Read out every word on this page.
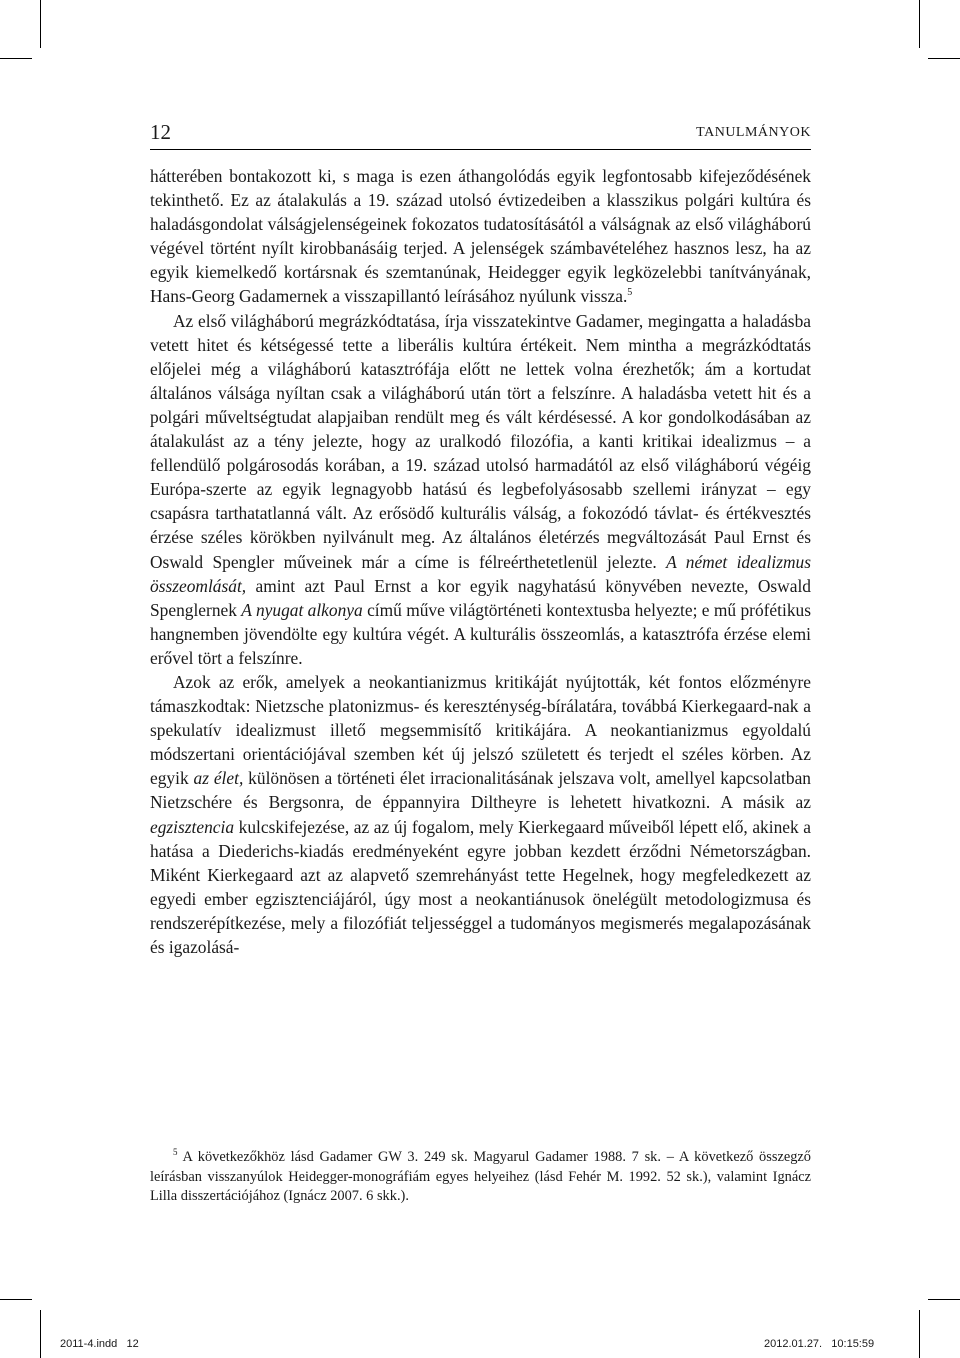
12	TANULMÁNYOK

hátterében bontakozott ki, s maga is ezen áthangolódás egyik legfontosabb kifejeződésének tekinthető. Ez az átalakulás a 19. század utolsó évtizedeiben a klasszikus polgári kultúra és haladásgondolat válságjelenségeinek fokozatos tudatosításától a válságnak az első világháború végével történt nyílt kirobbanásáig terjed. A jelenségek számbavételéhez hasznos lesz, ha az egyik kiemelkedő kortársnak és szemtanúnak, Heidegger egyik legközelebbi tanítványának, Hans-Georg Gadamernek a visszapillantó leírásához nyúlunk vissza.$^5$

Az első világháború megrázkódtatása, írja visszatekintve Gadamer, megingatta a haladásba vetett hitet és kétségessé tette a liberális kultúra értékeit. Nem mintha a megrázkódtatás előjelei még a világháború katasztrófája előtt ne lettek volna érezhetők; ám a kortudat általános válsága nyíltan csak a világháború után tört a felszínre. A haladásba vetett hit és a polgári műveltségtudat alapjaiban rendült meg és vált kérdésessé. A kor gondolkodásában az átalakulást az a tény jelezte, hogy az uralkodó filozófia, a kanti kritikai idealizmus – a fellendülő polgárosodás korában, a 19. század utolsó harmadától az első világháború végéig Európa-szerte az egyik legnagyobb hatású és legbefolyásosabb szellemi irányzat – egy csapásra tarthatatlanná vált. Az erősödő kulturális válság, a fokozódó távlat- és értékvesztés érzése széles körökben nyilvánult meg. Az általános életérzés megváltozását Paul Ernst és Oswald Spengler műveinek már a címe is félreérthetetlenül jelezte. A német idealizmus összeomlását, amint azt Paul Ernst a kor egyik nagyhatású könyvében nevezte, Oswald Spenglernek A nyugat alkonya című műve világtörténeti kontextusba helyezte; e mű prófétikus hangnemben jövendölte egy kultúra végét. A kulturális összeomlás, a katasztrófa érzése elemi erővel tört a felszínre.

Azok az erők, amelyek a neokantianizmus kritikáját nyújtották, két fontos előzményre támaszkodtak: Nietzsche platonizmus- és kereszténység-bírálatára, továbbá Kierkegaard-nak a spekulatív idealizmust illető megsemmisítő kritikájára. A neokantianizmus egyoldalú módszertani orientációjával szemben két új jelszó született és terjedt el széles körben. Az egyik az élet, különösen a történeti élet irracionalitásának jelszava volt, amellyel kapcsolatban Nietzschére és Bergsonra, de éppannyira Diltheyre is lehetett hivatkozni. A másik az egzisztencia kulcskifejezése, az az új fogalom, mely Kierkegaard műveiből lépett elő, akinek a hatása a Diederichs-kiadás eredményeként egyre jobban kezdett érződni Németországban. Miként Kierkegaard azt az alapvető szemrehányást tette Hegelnek, hogy megfeledkezett az egyedi ember egzisztenciájáról, úgy most a neokantiánusok önelégült metodologizmusa és rendszerépítkezése, mely a filozófiát teljességgel a tudományos megismerés megalapozásának és igazolásá-

$^5$ A következőkhöz lásd Gadamer GW 3. 249 sk. Magyarul Gadamer 1988. 7 sk. – A következő összegző leírásban visszanyúlok Heidegger-monográfiám egyes helyeihez (lásd Fehér M. 1992. 52 sk.), valamint Ignácz Lilla disszertációjához (Ignácz 2007. 6 skk.).

2011-4.indd   12	2012.01.27.   10:15:59
